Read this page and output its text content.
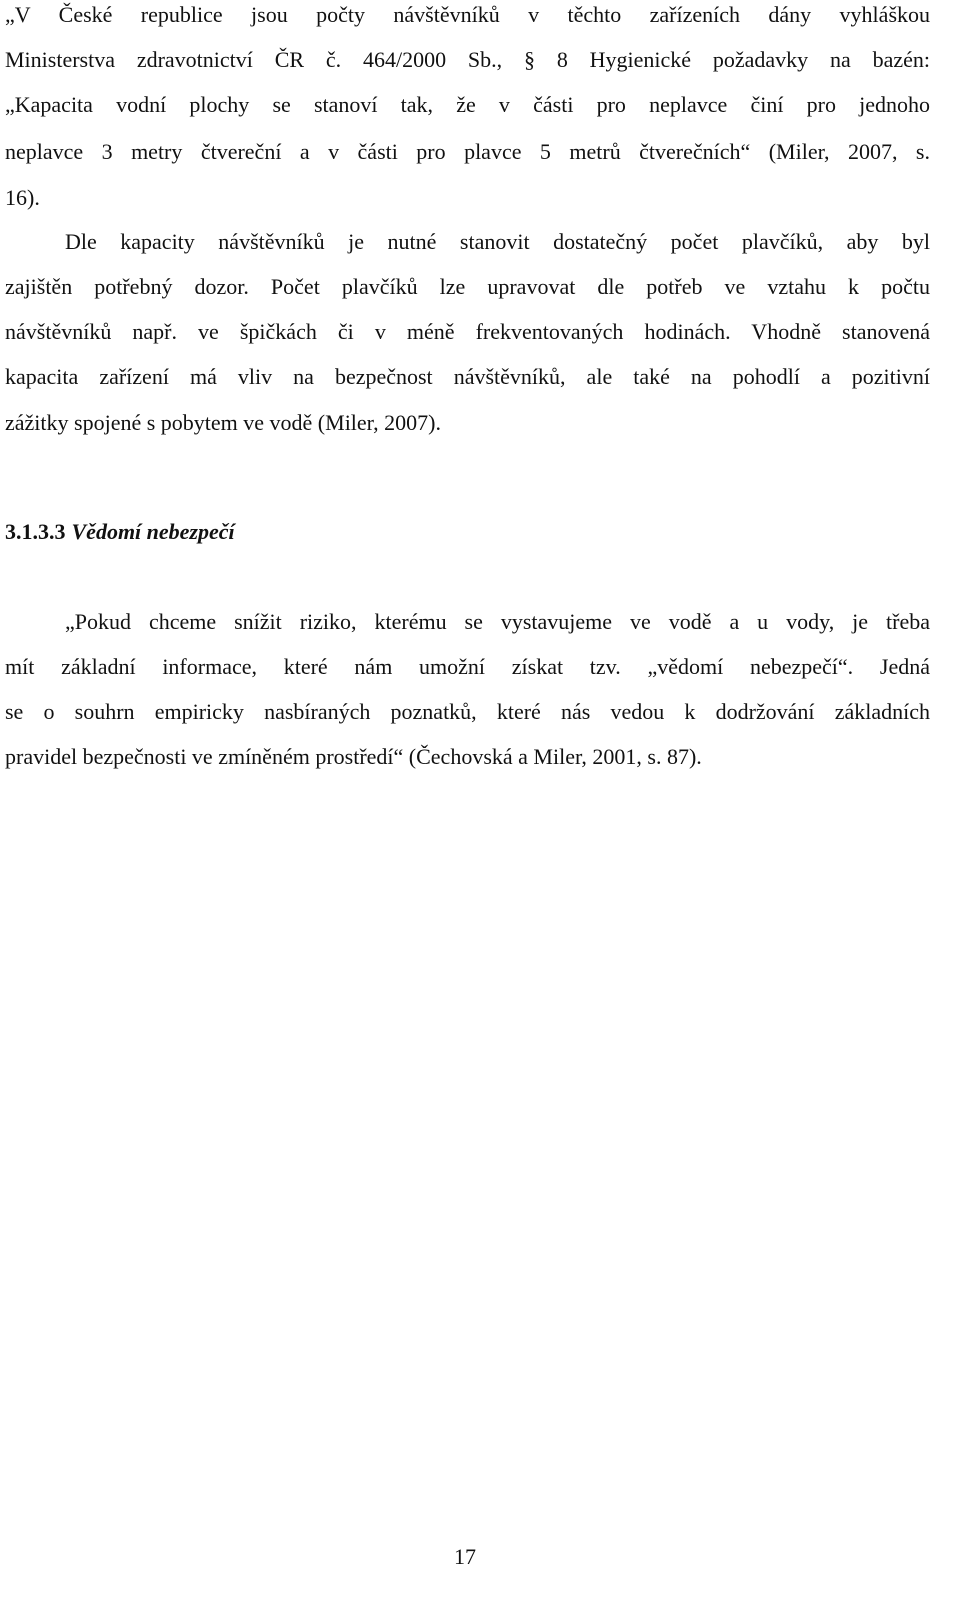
„V České republice jsou počty návštěvníků v těchto zařízeních dány vyhláškou
Ministerstva zdravotnictví ČR č. 464/2000 Sb., § 8 Hygienické požadavky na bazén:
„Kapacita vodní plochy se stanoví tak, že v části pro neplavce činí pro jednoho
neplavce 3 metry čtvereční a v části pro plavce 5 metrů čtverečních“ (Miler, 2007, s.
16).
Dle kapacity návštěvníků je nutné stanovit dostatečný počet plavčíků, aby byl
zajištěn potřebný dozor. Počet plavčíků lze upravovat dle potřeb ve vztahu k počtu
návštěvníků např. ve špičkách či v méně frekventovaných hodinách. Vhodně stanovená
kapacita zařízení má vliv na bezpečnost návštěvníků, ale také na pohodlí a pozitivní
zážitky spojené s pobytem ve vodě (Miler, 2007).
3.1.3.3 Vědomí nebezpečí
„Pokud chceme snížit riziko, kterému se vystavujeme ve vodě a u vody, je třeba
mít základní informace, které nám umožní získat tzv. „vědomí nebezpečí“. Jedná
se o souhrn empiricky nasbíraných poznatků, které nás vedou k dodržování základních
pravidel bezpečnosti ve zmíněném prostředí“ (Čechovská a Miler, 2001, s. 87).
17
